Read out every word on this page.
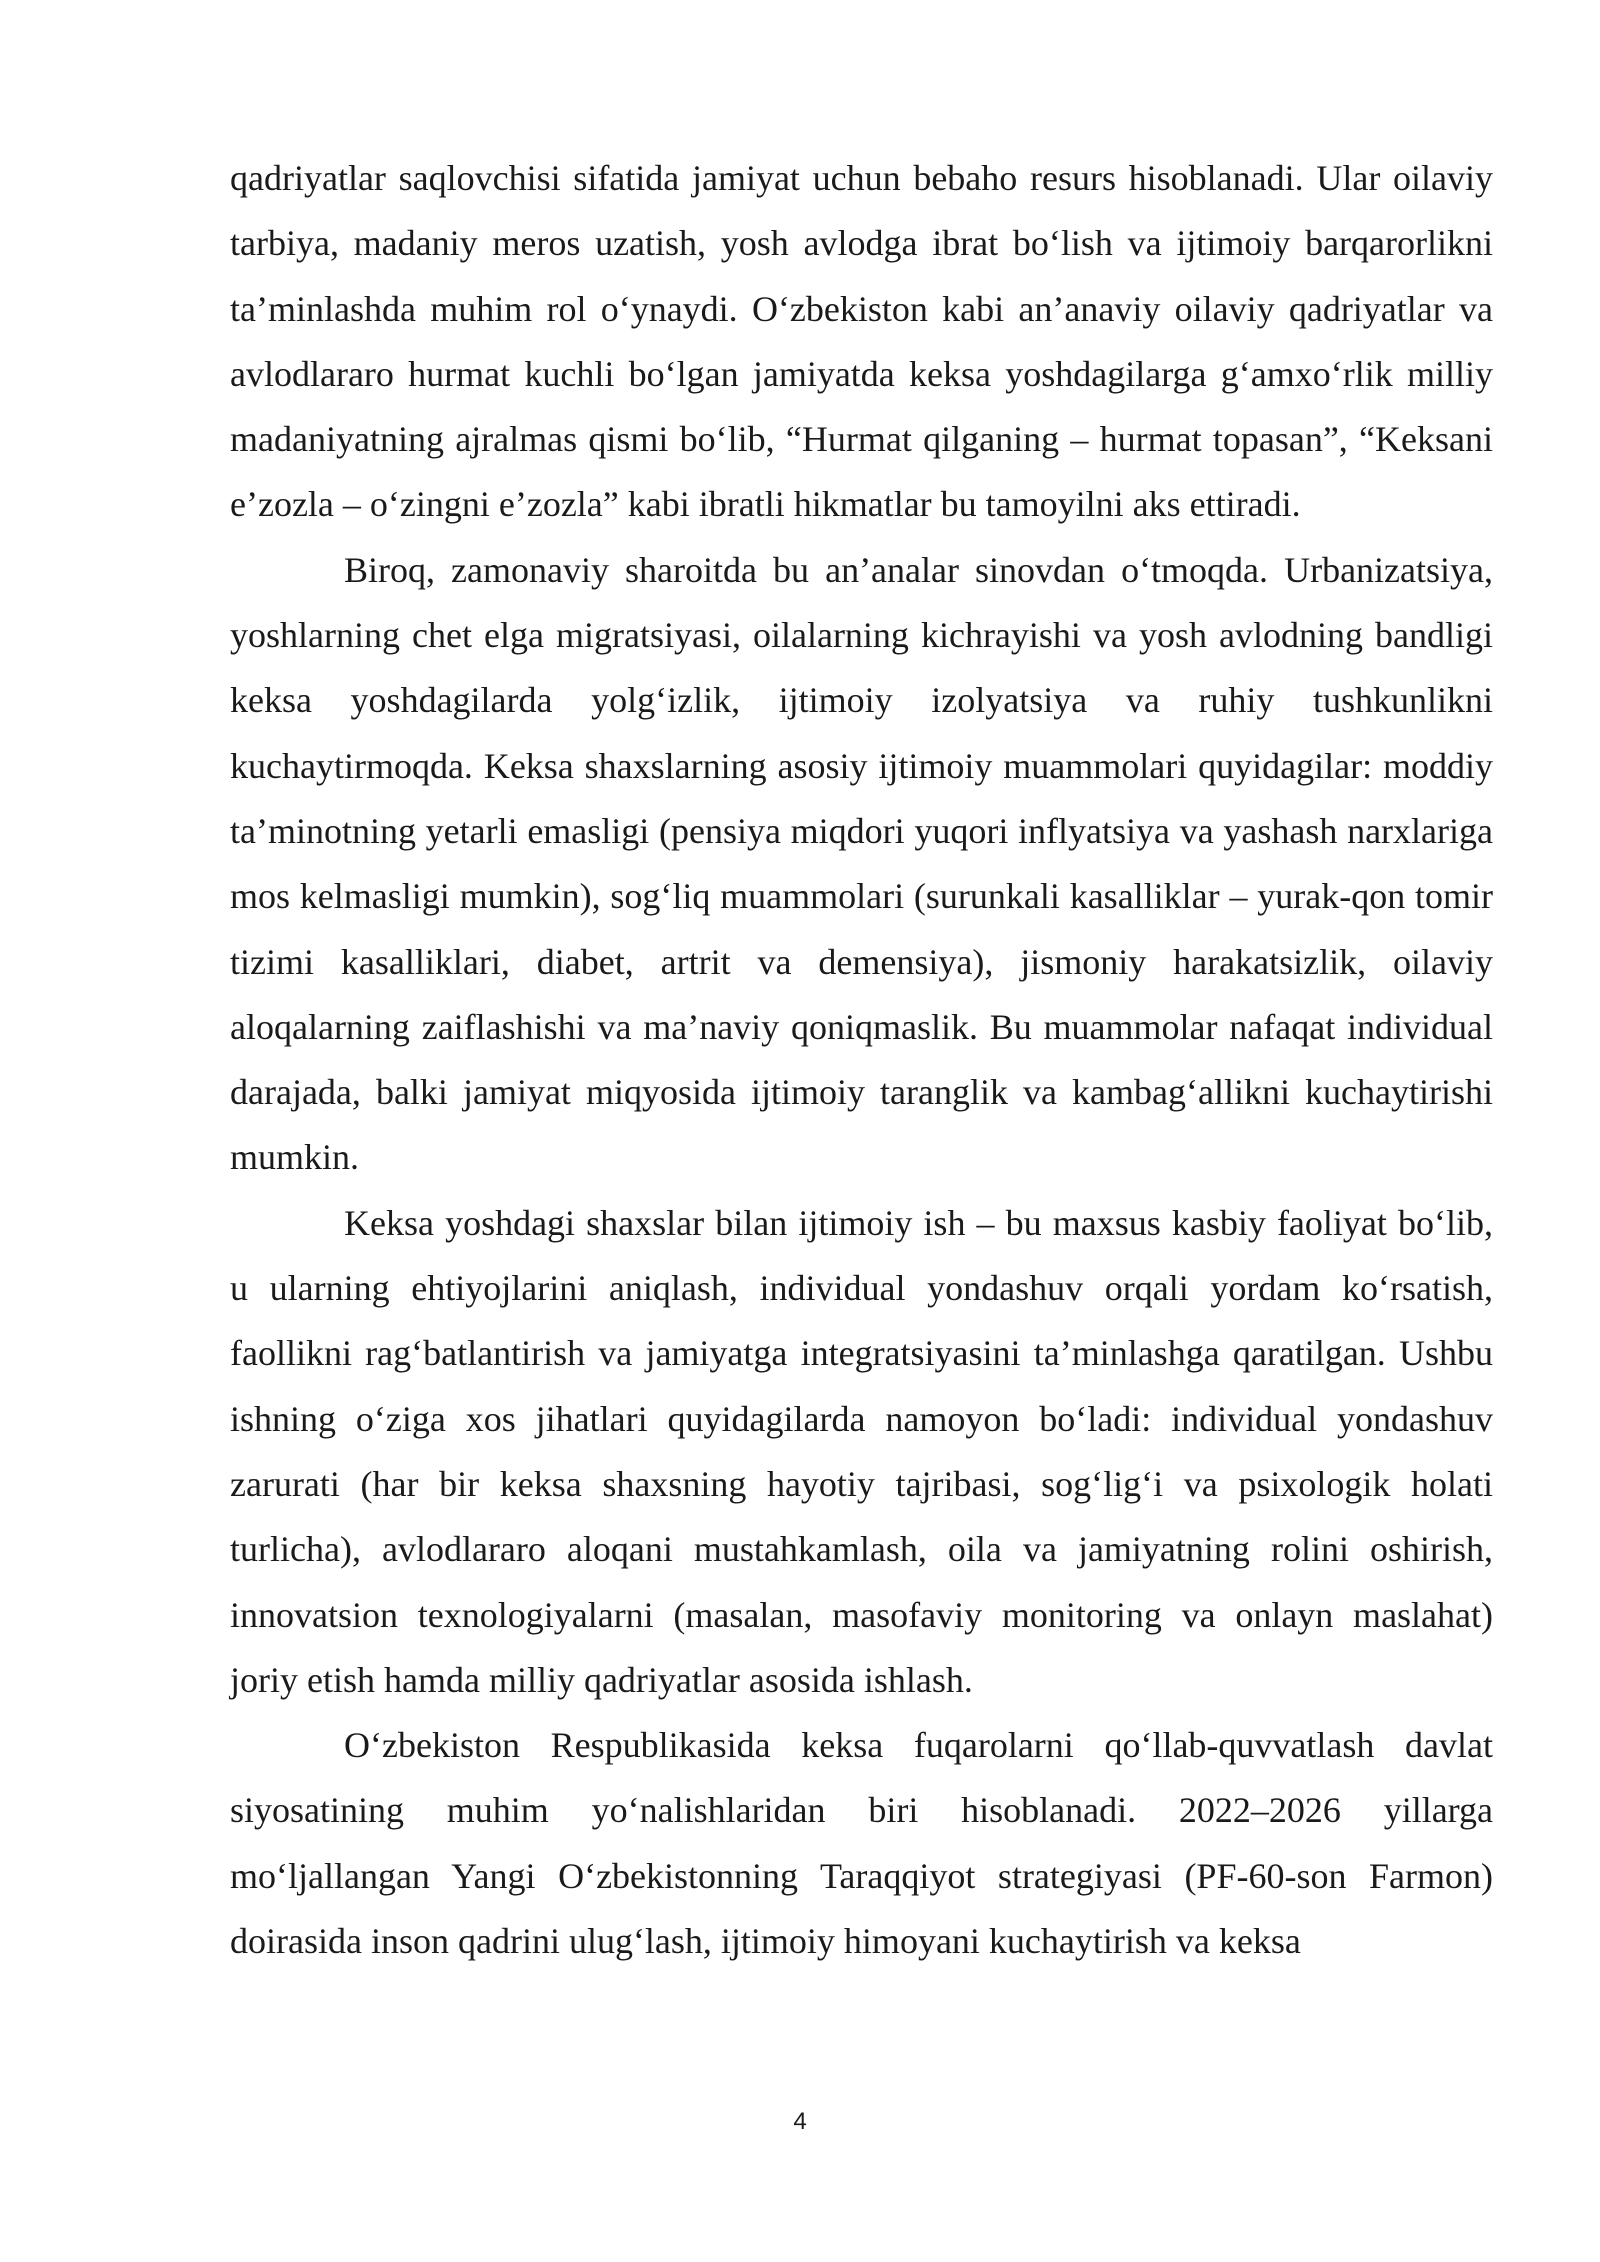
qadriyatlar saqlovchisi sifatida jamiyat uchun bebaho resurs hisoblanadi. Ular oilaviy tarbiya, madaniy meros uzatish, yosh avlodga ibrat bo‘lish va ijtimoiy barqarorlikni ta’minlashda muhim rol o‘ynaydi. O‘zbekiston kabi an’anaviy oilaviy qadriyatlar va avlodlararo hurmat kuchli bo‘lgan jamiyatda keksa yoshdagilarga g‘amxo‘rlik milliy madaniyatning ajralmas qismi bo‘lib, “Hurmat qilganing – hurmat topasan”, “Keksani e’zozla – o‘zingni e’zozla” kabi ibratli hikmatlar bu tamoyilni aks ettiradi.

Biroq, zamonaviy sharoitda bu an’analar sinovdan o‘tmoqda. Urbanizatsiya, yoshlarning chet elga migratsiyasi, oilalarning kichrayishi va yosh avlodning bandligi keksa yoshdagilarda yolg‘izlik, ijtimoiy izolyatsiya va ruhiy tushkunlikni kuchaytirmoqda. Keksa shaxslarning asosiy ijtimoiy muammolari quyidagilar: moddiy ta’minotning yetarli emasligi (pensiya miqdori yuqori inflyatsiya va yashash narxlariga mos kelmasligi mumkin), sog‘liq muammolari (surunkali kasalliklar – yurak-qon tomir tizimi kasalliklari, diabet, artrit va demensiya), jismoniy harakatsizlik, oilaviy aloqalarning zaiflashishi va ma’naviy qoniqmaslik. Bu muammolar nafaqat individual darajada, balki jamiyat miqyosida ijtimoiy taranglik va kambag‘allikni kuchaytirishi mumkin.

Keksa yoshdagi shaxslar bilan ijtimoiy ish – bu maxsus kasbiy faoliyat bo‘lib, u ularning ehtiyojlarini aniqlash, individual yondashuv orqali yordam ko‘rsatish, faollikni rag‘batlantirish va jamiyatga integratsiyasini ta’minlashga qaratilgan. Ushbu ishning o‘ziga xos jihatlari quyidagilarda namoyon bo‘ladi: individual yondashuv zarurati (har bir keksa shaxsning hayotiy tajribasi, sog‘lig‘i va psixologik holati turlicha), avlodlararo aloqani mustahkamlash, oila va jamiyatning rolini oshirish, innovatsion texnologiyalarni (masalan, masofaviy monitoring va onlayn maslahat) joriy etish hamda milliy qadriyatlar asosida ishlash.

O‘zbekiston Respublikasida keksa fuqarolarni qo‘llab-quvvatlash davlat siyosatining muhim yo‘nalishlaridan biri hisoblanadi. 2022–2026 yillarga mo‘ljallangan Yangi O‘zbekistonning Taraqqiyot strategiyasi (PF-60-son Farmon) doirasida inson qadrini ulug‘lash, ijtimoiy himoyani kuchaytirish va keksa

4
